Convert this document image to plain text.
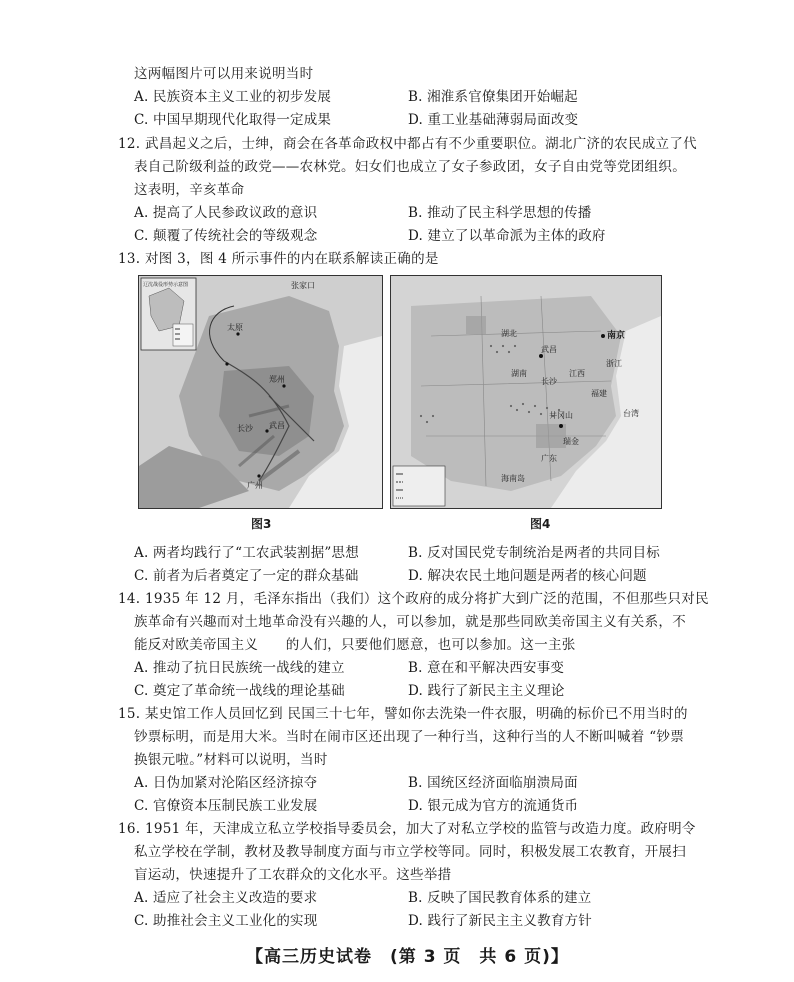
这两幅图片可以用来说明当时
A. 民族资本主义工业的初步发展	B. 湘淮系官僚集团开始崛起
C. 中国早期现代化取得一定成果	D. 重工业基础薄弱局面改变
12. 武昌起义之后，士绅，商会在各革命政权中都占有不少重要职位。湖北广济的农民成立了代
表自己阶级利益的政党——农林党。妇女们也成立了女子参政团，女子自由党等党团组织。
这表明，辛亥革命
A. 提高了人民参政议政的意识	B. 推动了民主科学思想的传播
C. 颠覆了传统社会的等级观念	D. 建立了以革命派为主体的政府
13. 对图 3，图 4 所示事件的内在联系解读正确的是
张家口
辽沈战役形势示意图
太原
郑州
武昌
长沙
广州
图3
南京
武昌
长沙
井冈山
瑞金
台湾
海南岛
福建
江西
湖南
广东
浙江
湖北
图4
A. 两者均践行了“工农武装割据”思想	B. 反对国民党专制统治是两者的共同目标
C. 前者为后者奠定了一定的群众基础	D. 解决农民土地问题是两者的核心问题
14. 1935 年 12 月，毛泽东指出（我们）这个政府的成分将扩大到广泛的范围，不但那些只对民
族革命有兴趣而对土地革命没有兴趣的人，可以参加，就是那些同欧美帝国主义有关系，不
能反对欧美帝国主义　　的人们，只要他们愿意，也可以参加。这一主张
A. 推动了抗日民族统一战线的建立	B. 意在和平解决西安事变
C. 奠定了革命统一战线的理论基础	D. 践行了新民主主义理论
15. 某史馆工作人员回忆到 民国三十七年，譬如你去洗染一件衣服，明确的标价已不用当时的
钞票标明，而是用大米。当时在闹市区还出现了一种行当，这种行当的人不断叫喊着 “钞票
换银元啦。”材料可以说明，当时
A. 日伪加紧对沦陷区经济掠夺	B. 国统区经济面临崩溃局面
C. 官僚资本压制民族工业发展	D. 银元成为官方的流通货币
16. 1951 年，天津成立私立学校指导委员会，加大了对私立学校的监管与改造力度。政府明令
私立学校在学制，教材及教导制度方面与市立学校等同。同时，积极发展工农教育，开展扫
盲运动，快速提升了工农群众的文化水平。这些举措
A. 适应了社会主义改造的要求	B. 反映了国民教育体系的建立
C. 助推社会主义工业化的实现	D. 践行了新民主主义教育方针
【高三历史试卷　(第 3 页　共 6 页)】
